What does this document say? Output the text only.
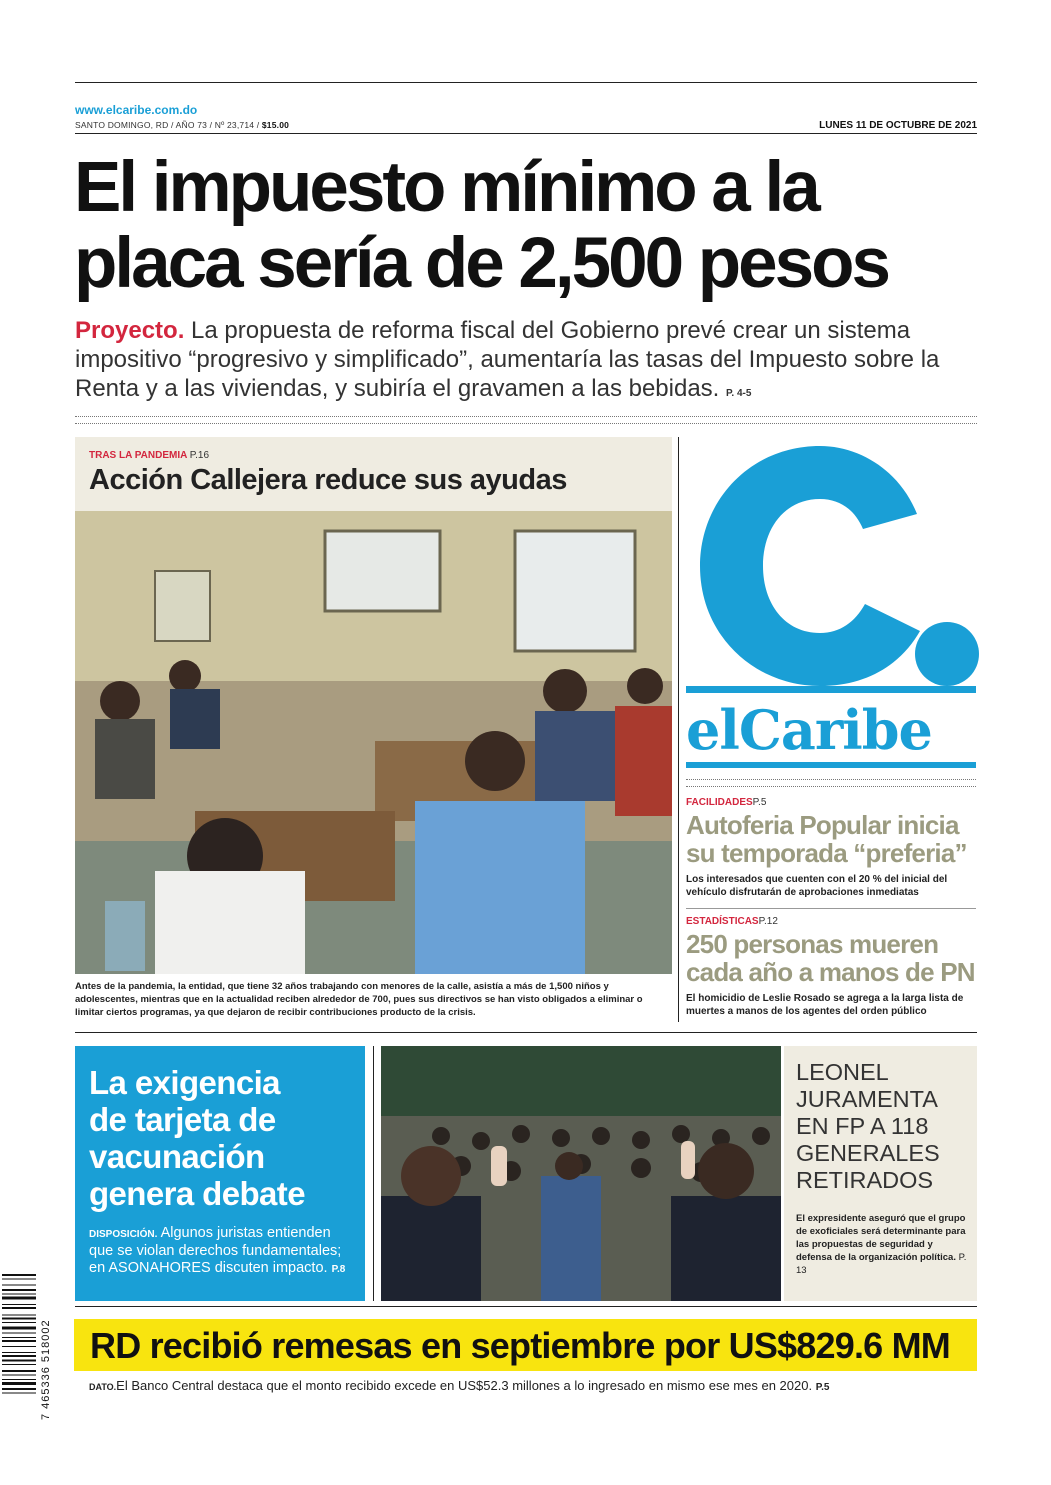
www.elcaribe.com.do
SANTO DOMINGO, RD / AÑO 73 / Nº 23,714 / $15.00	LUNES 11 DE OCTUBRE DE 2021
El impuesto mínimo a la
placa sería de 2,500 pesos
Proyecto. La propuesta de reforma fiscal del Gobierno prevé crear un sistema impositivo “progresivo y simplificado”, aumentaría las tasas del Impuesto sobre la Renta y a las viviendas, y subiría el gravamen a las bebidas. P. 4-5
TRAS LA PANDEMIA P.16
Acción Callejera reduce sus ayudas
Antes de la pandemia, la entidad, que tiene 32 años trabajando con menores de la calle, asistía a más de 1,500 niños y adolescentes, mientras que en la actualidad reciben alrededor de 700, pues sus directivos se han visto obligados a eliminar o limitar ciertos programas, ya que dejaron de recibir contribuciones producto de la crisis.
elCaribe
FACILIDADESP.5
Autoferia Popular inicia
su temporada “preferia”
Los interesados que cuenten con el 20 % del inicial del vehículo disfrutarán de aprobaciones inmediatas
ESTADÍSTICASP.12
250 personas mueren
cada año a manos de PN
El homicidio de Leslie Rosado se agrega a la larga lista de muertes a manos de los agentes del orden público
La exigencia
de tarjeta de
vacunación
genera debate
DISPOSICIÓN. Algunos juristas entienden que se violan derechos fundamentales; en ASONAHORES discuten impacto. P.8
LEONEL
JURAMENTA
EN FP A 118
GENERALES
RETIRADOS
El expresidente aseguró que el grupo de exoficiales será determinante para las propuestas de seguridad y defensa de la organización política. P. 13
RD recibió remesas en septiembre por US$829.6 MM
DATO.El Banco Central destaca que el monto recibido excede en US$52.3 millones a lo ingresado en mismo ese mes en 2020. P.5
7 465336 518002
